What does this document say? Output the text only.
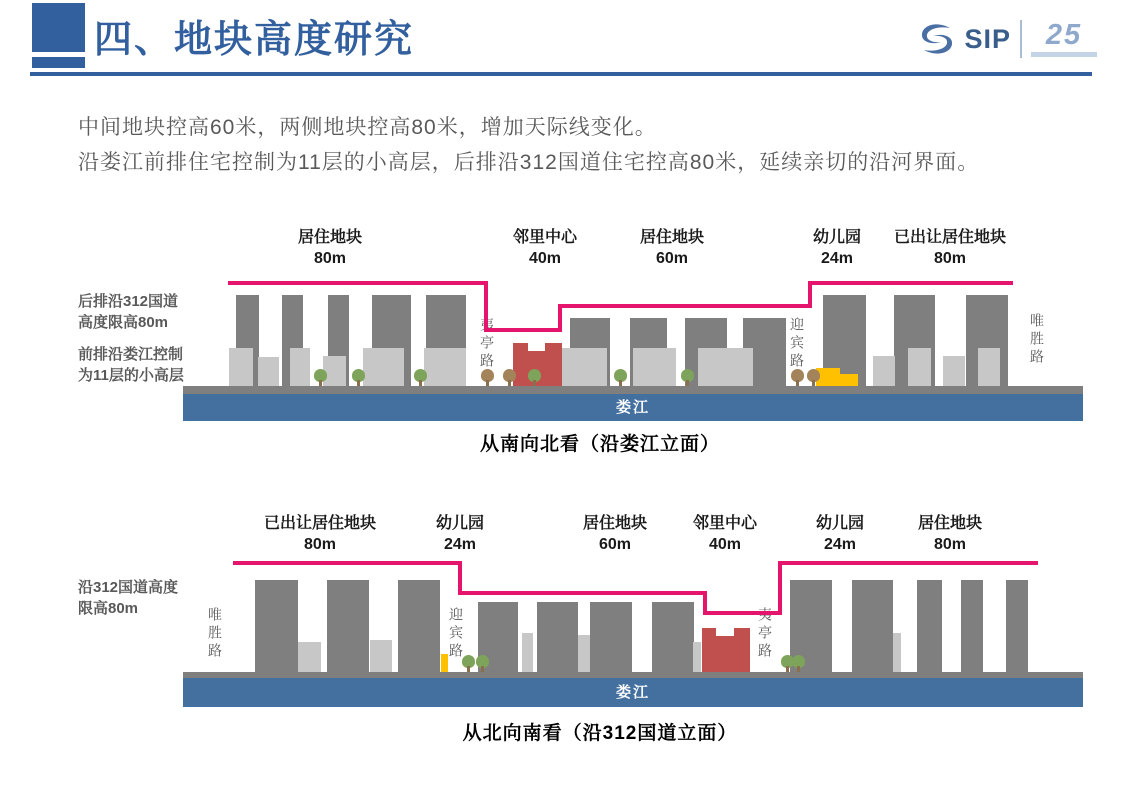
四、地块高度研究	SIP 25

中间地块控高60米，两侧地块控高80米，增加天际线变化。

沿娄江前排住宅控制为11层的小高层，后排沿312国道住宅控高80米，延续亲切的沿河界面。

娄江
夷亭路	迎宾路	唯胜路
从南向北看（沿娄江立面）
居住地块
80m
邻里中心
40m
居住地块
60m
幼儿园
24m
已出让居住地块
80m
后排沿312国道
高度限高80m
前排沿娄江控制
为11层的小高层
娄江
唯胜路	迎宾路	夷亭路
从北向南看（沿312国道立面）
已出让居住地块
80m
幼儿园
24m
居住地块
60m
邻里中心
40m
幼儿园
24m
居住地块
80m
沿312国道高度
限高80m
